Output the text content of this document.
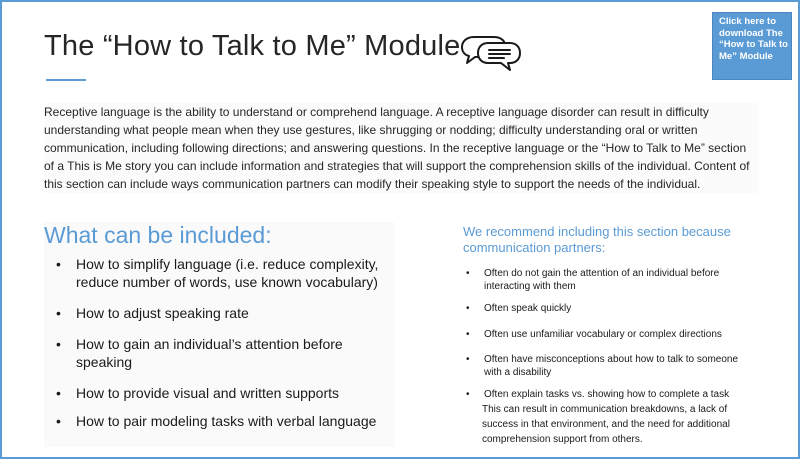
The “How to Talk to Me” Module
Click here to download The “How to Talk to Me” Module
Receptive language is the ability to understand or comprehend language. A receptive language disorder can result in difficulty understanding what people mean when they use gestures, like shrugging or nodding; difficulty understanding oral or written communication, including following directions; and answering questions. In the receptive language or the “How to Talk to Me” section of a This is Me story you can include information and strategies that will support the comprehension skills of the individual. Content of this section can include ways communication partners can modify their speaking style to support the needs of the individual.
What can be included:
• How to simplify language (i.e. reduce complexity, reduce number of words, use known vocabulary)
• How to adjust speaking rate
• How to gain an individual’s attention before speaking
• How to provide visual and written supports
• How to pair modeling tasks with verbal language
We recommend including this section because communication partners:
• Often do not gain the attention of an individual before interacting with them
• Often speak quickly
• Often use unfamiliar vocabulary or complex directions
• Often have misconceptions about how to talk to someone with a disability
• Often explain tasks vs. showing how to complete a task
This can result in communication breakdowns, a lack of success in that environment, and the need for additional comprehension support from others.
